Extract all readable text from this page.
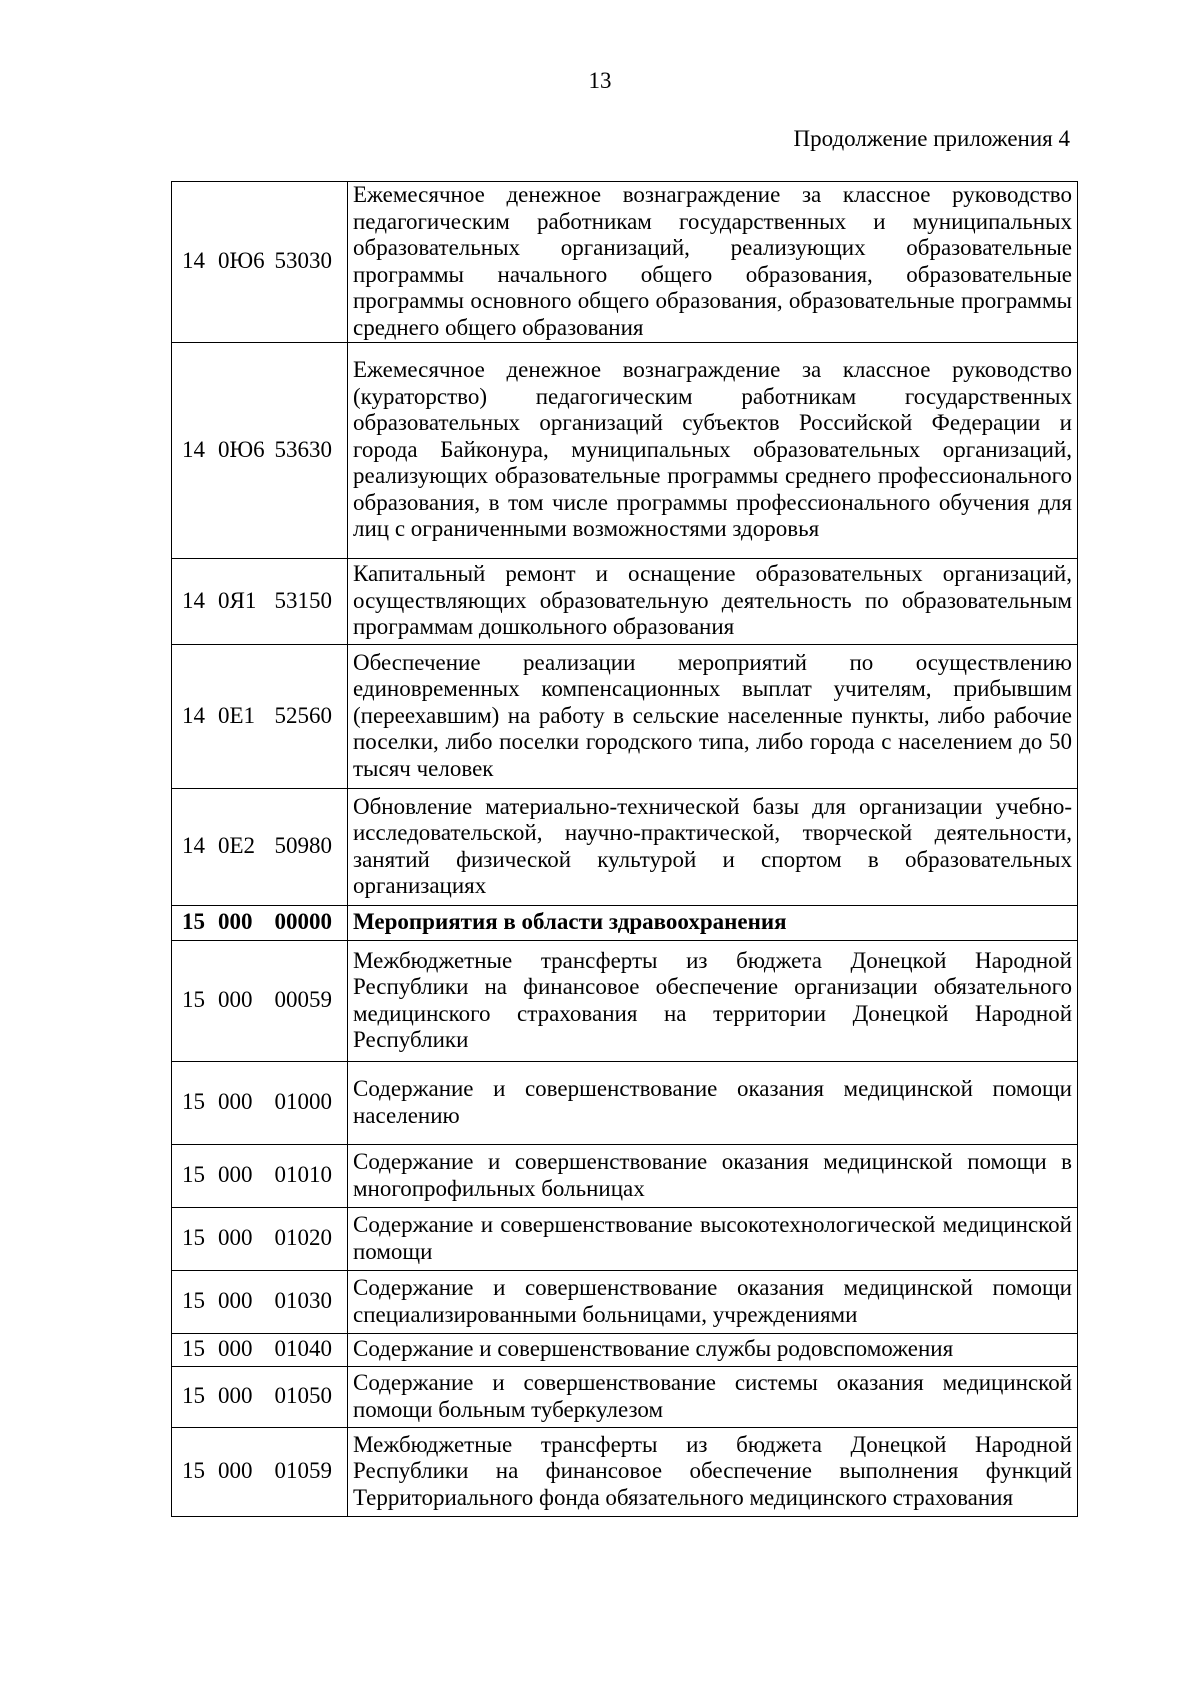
13
Продолжение приложения 4
14 0Ю6 53030	Ежемесячное денежное вознаграждение за классное руководство педагогическим работникам государственных и муниципальных образовательных организаций, реализующих образовательные программы начального общего образования, образовательные программы основного общего образования, образовательные программы среднего общего образования
14 0Ю6 53630	Ежемесячное денежное вознаграждение за классное руководство (кураторство) педагогическим работникам государственных образовательных организаций субъектов Российской Федерации и города Байконура, муниципальных образовательных организаций, реализующих образовательные программы среднего профессионального образования, в том числе программы профессионального обучения для лиц с ограниченными возможностями здоровья
14 0Я1 53150	Капитальный ремонт и оснащение образовательных организаций, осуществляющих образовательную деятельность по образовательным программам дошкольного образования
14 0Е1 52560	Обеспечение реализации мероприятий по осуществлению единовременных компенсационных выплат учителям, прибывшим (переехавшим) на работу в сельские населенные пункты, либо рабочие поселки, либо поселки городского типа, либо города с населением до 50 тысяч человек
14 0Е2 50980	Обновление материально-технической базы для организации учебно-исследовательской, научно-практической, творческой деятельности, занятий физической культурой и спортом в образовательных организациях
15 000 00000	Мероприятия в области здравоохранения
15 000 00059	Межбюджетные трансферты из бюджета Донецкой Народной Республики на финансовое обеспечение организации обязательного медицинского страхования на территории Донецкой Народной Республики
15 000 01000	Содержание и совершенствование оказания медицинской помощи населению
15 000 01010	Содержание и совершенствование оказания медицинской помощи в многопрофильных больницах
15 000 01020	Содержание и совершенствование высокотехнологической медицинской помощи
15 000 01030	Содержание и совершенствование оказания медицинской помощи специализированными больницами, учреждениями
15 000 01040	Содержание и совершенствование службы родовспоможения
15 000 01050	Содержание и совершенствование системы оказания медицинской помощи больным туберкулезом
15 000 01059	Межбюджетные трансферты из бюджета Донецкой Народной Республики на финансовое обеспечение выполнения функций Территориального фонда обязательного медицинского страхования
